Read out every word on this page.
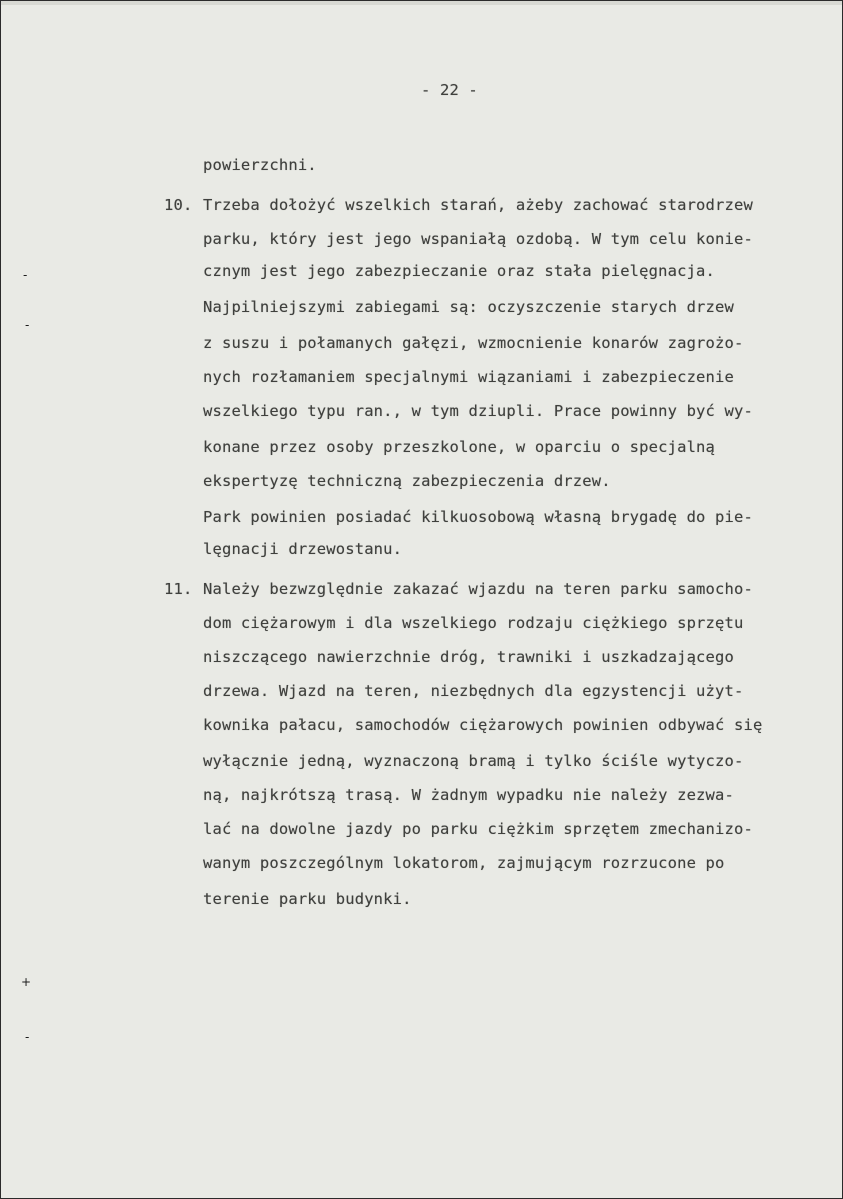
- 22 -
powierzchni.
10. Trzeba dołożyć wszelkich starań, ażeby zachować starodrzew
parku, który jest jego wspaniałą ozdobą. W tym celu konie-
cznym jest jego zabezpieczanie oraz stała pielęgnacja.
Najpilniejszymi zabiegami są: oczyszczenie starych drzew
z suszu i połamanych gałęzi, wzmocnienie konarów zagrożo-
nych rozłamaniem specjalnymi wiązaniami i zabezpieczenie
wszelkiego typu ran., w tym dziupli. Prace powinny być wy-
konane przez osoby przeszkolone, w oparciu o specjalną
ekspertyzę techniczną zabezpieczenia drzew.
Park powinien posiadać kilkuosobową własną brygadę do pie-
lęgnacji drzewostanu.
11. Należy bezwzględnie zakazać wjazdu na teren parku samocho-
dom ciężarowym i dla wszelkiego rodzaju ciężkiego sprzętu
niszczącego nawierzchnie dróg, trawniki i uszkadzającego
drzewa. Wjazd na teren, niezbędnych dla egzystencji użyt-
kownika pałacu, samochodów ciężarowych powinien odbywać się
wyłącznie jedną, wyznaczoną bramą i tylko ściśle wytyczo-
ną, najkrótszą trasą. W żadnym wypadku nie należy zezwa-
lać na dowolne jazdy po parku ciężkim sprzętem zmechanizo-
wanym poszczególnym lokatorom, zajmującym rozrzucone po
terenie parku budynki.
-
-
+
-
